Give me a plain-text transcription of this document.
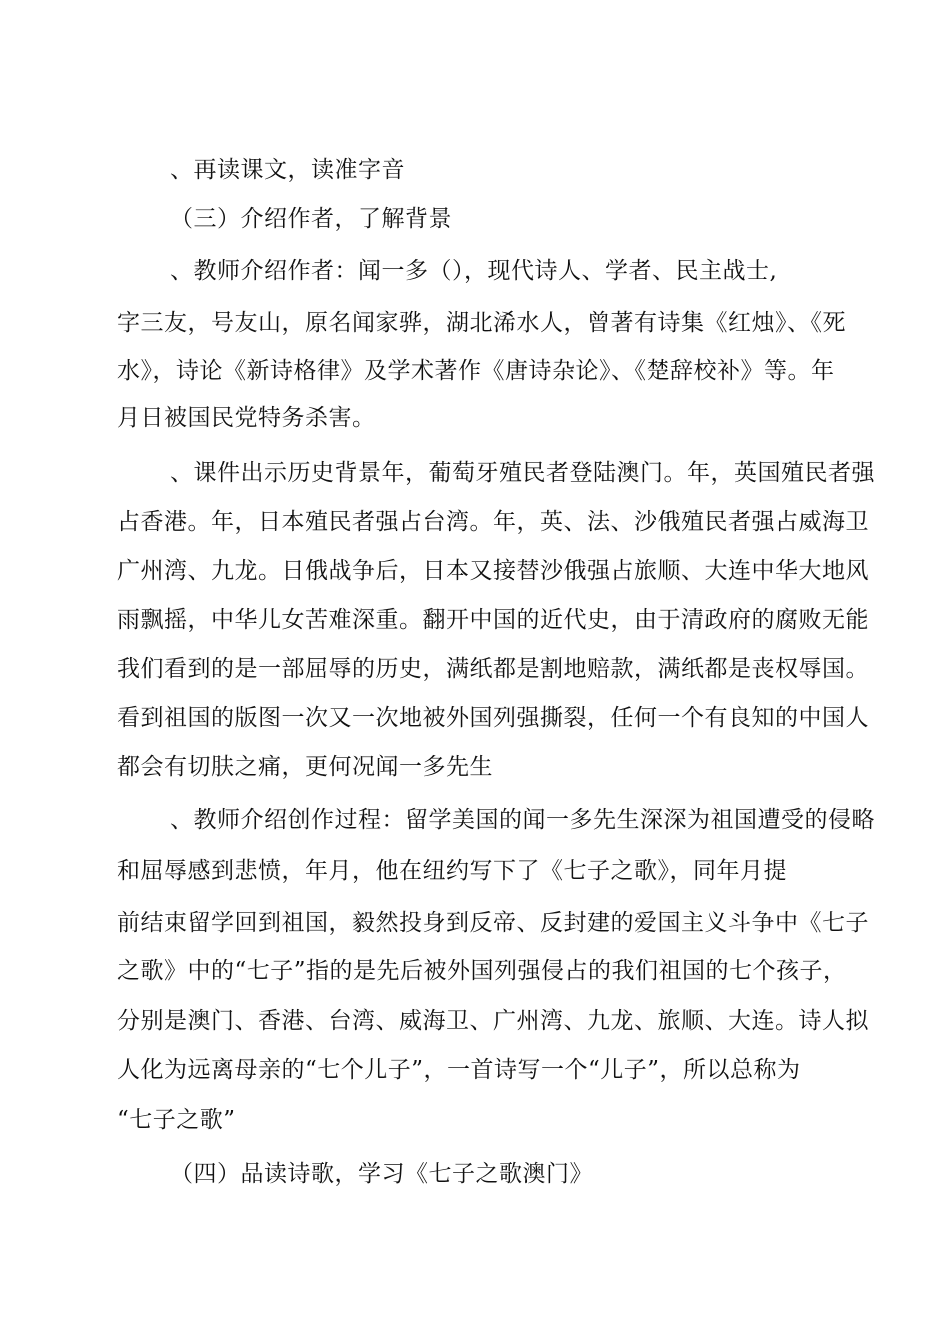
、再读课文，读准字音
（三）介绍作者，了解背景
、教师介绍作者：闻一多（），现代诗人、学者、民主战士,
字三友，号友山，原名闻家骅，湖北浠水人，曾著有诗集《红烛》、《死
水》，诗论《新诗格律》及学术著作《唐诗杂论》、《楚辞校补》等。年
月日被国民党特务杀害。
、课件出示历史背景年，葡萄牙殖民者登陆澳门。年，英国殖民者强
占香港。年，日本殖民者强占台湾。年，英、法、沙俄殖民者强占威海卫
广州湾、九龙。日俄战争后，日本又接替沙俄强占旅顺、大连中华大地风
雨飘摇，中华儿女苦难深重。翻开中国的近代史，由于清政府的腐败无能
我们看到的是一部屈辱的历史，满纸都是割地赔款，满纸都是丧权辱国。
看到祖国的版图一次又一次地被外国列强撕裂，任何一个有良知的中国人
都会有切肤之痛，更何况闻一多先生
、教师介绍创作过程：留学美国的闻一多先生深深为祖国遭受的侵略
和屈辱感到悲愤，年月，他在纽约写下了《七子之歌》，同年月提
前结束留学回到祖国，毅然投身到反帝、反封建的爱国主义斗争中《七子
之歌》中的“七子”指的是先后被外国列强侵占的我们祖国的七个孩子，
分别是澳门、香港、台湾、威海卫、广州湾、九龙、旅顺、大连。诗人拟
人化为远离母亲的“七个儿子”，一首诗写一个“儿子”，所以总称为
“七子之歌”
（四）品读诗歌，学习《七子之歌澳门》
